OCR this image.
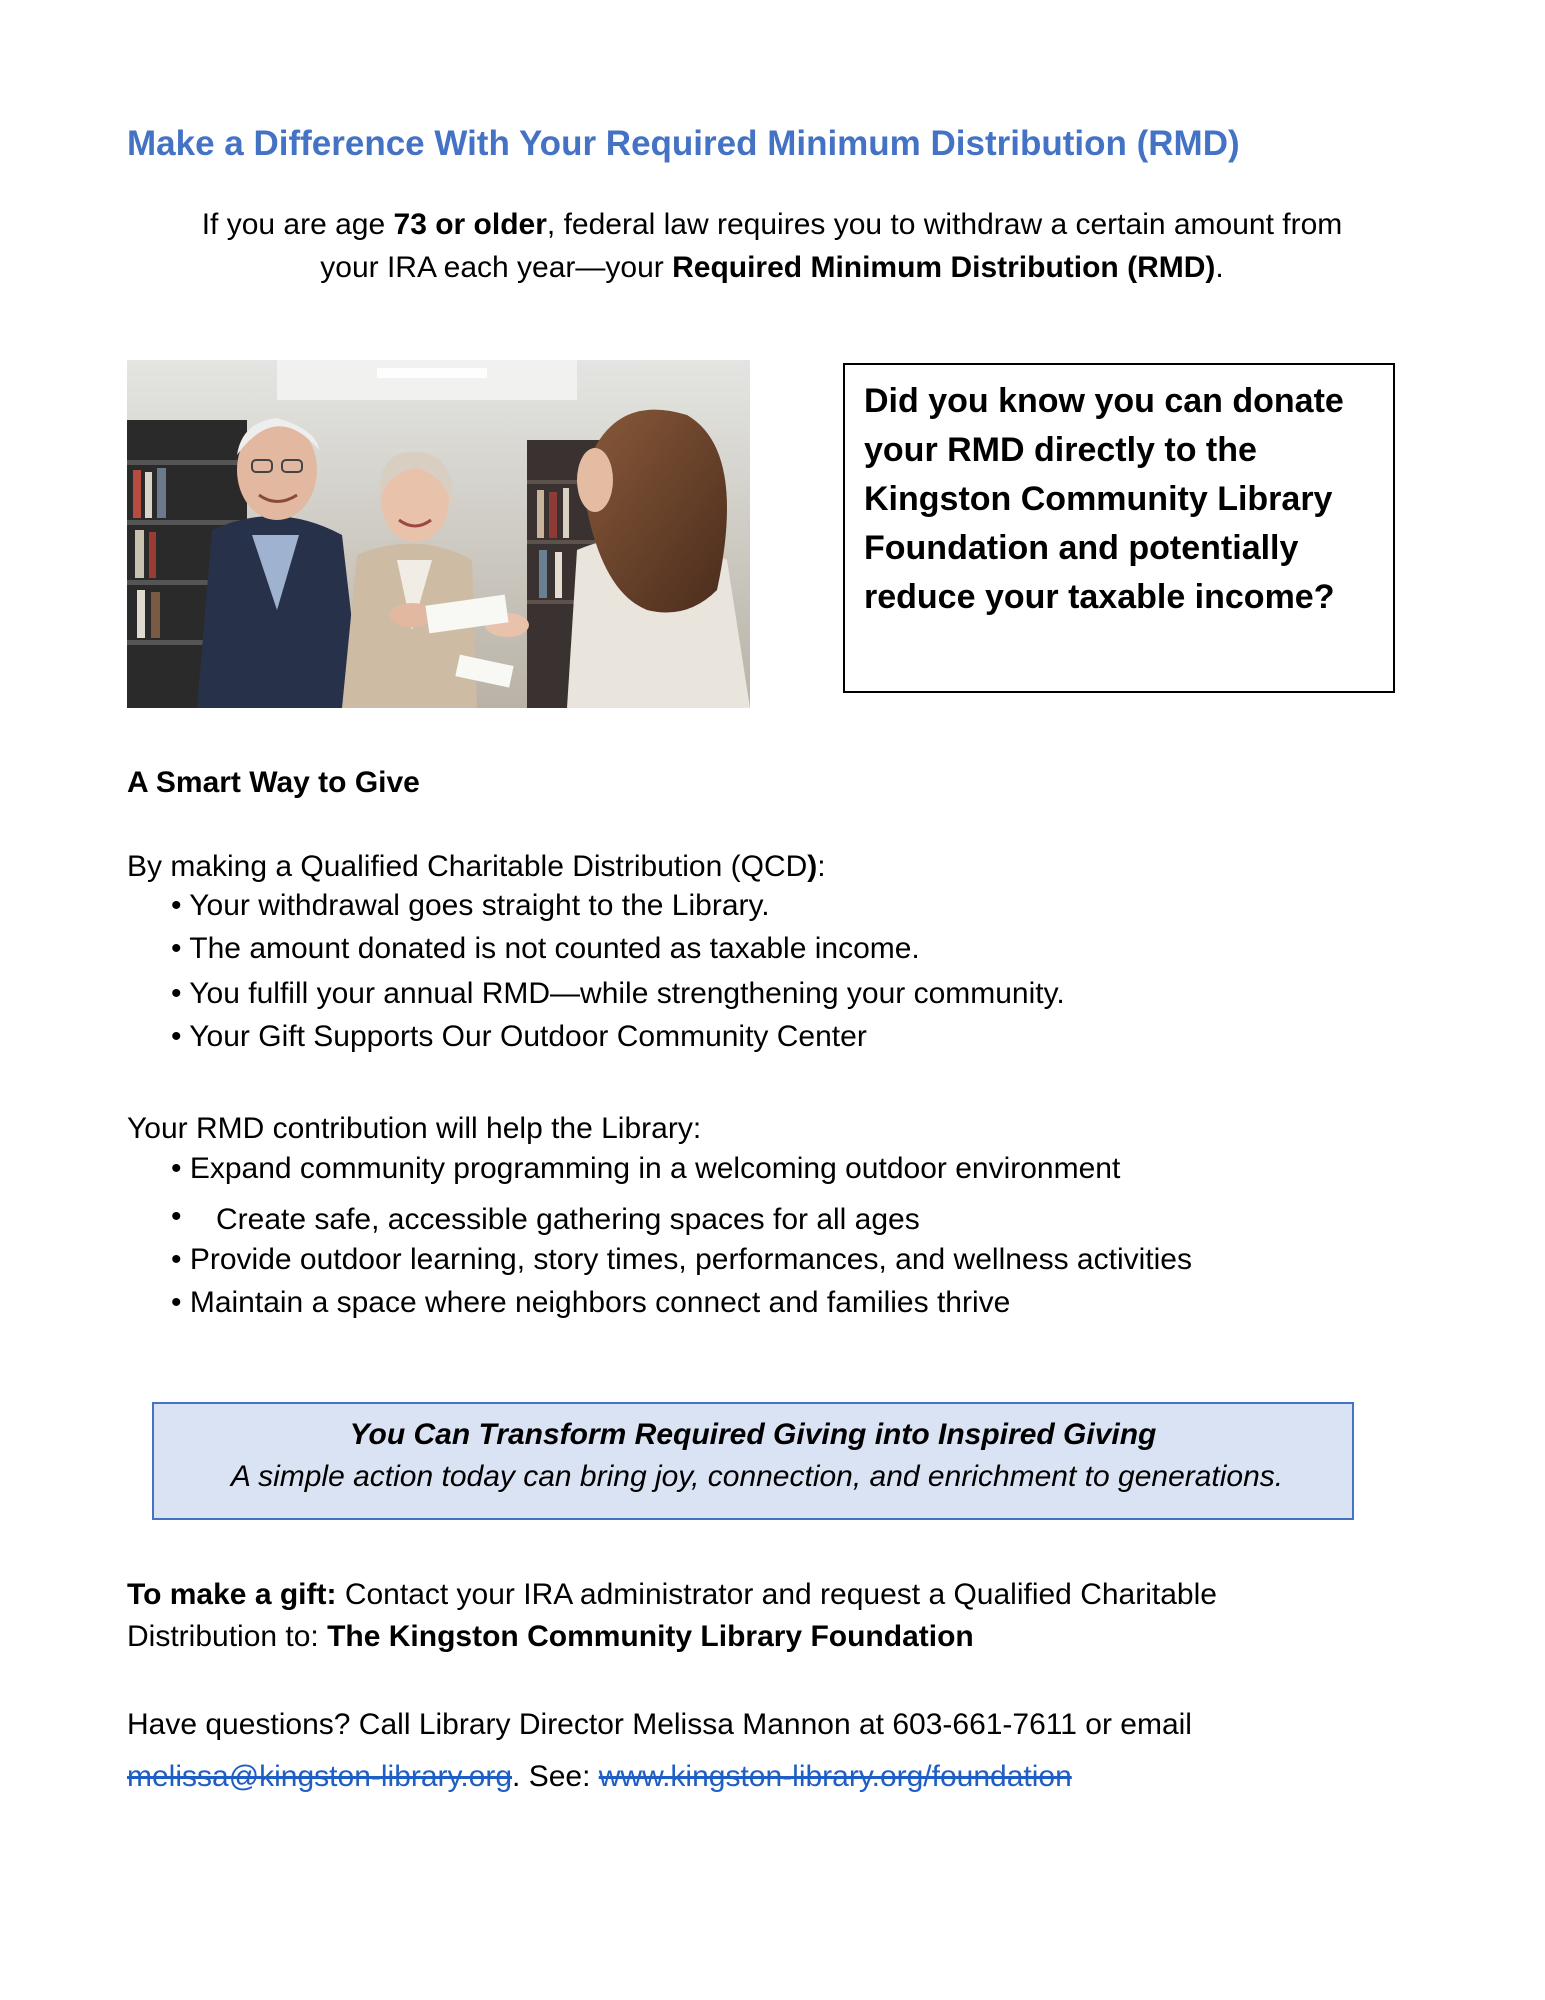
Make a Difference With Your Required Minimum Distribution (RMD)
If you are age 73 or older, federal law requires you to withdraw a certain amount from
your IRA each year—your Required Minimum Distribution (RMD).
Did you know you can donate your RMD directly to the Kingston Community Library Foundation and potentially reduce your taxable income?
A Smart Way to Give
By making a Qualified Charitable Distribution (QCD):
• Your withdrawal goes straight to the Library.
• The amount donated is not counted as taxable income.
• You fulfill your annual RMD—while strengthening your community.
• Your Gift Supports Our Outdoor Community Center
Your RMD contribution will help the Library:
• Expand community programming in a welcoming outdoor environment
• Create safe, accessible gathering spaces for all ages
• Provide outdoor learning, story times, performances, and wellness activities
• Maintain a space where neighbors connect and families thrive
You Can Transform Required Giving into Inspired Giving
A simple action today can bring joy, connection, and enrichment to generations.
To make a gift: Contact your IRA administrator and request a Qualified Charitable
Distribution to: The Kingston Community Library Foundation
Have questions? Call Library Director Melissa Mannon at 603-661-7611 or email
melissa@kingston-library.org. See: www.kingston-library.org/foundation
